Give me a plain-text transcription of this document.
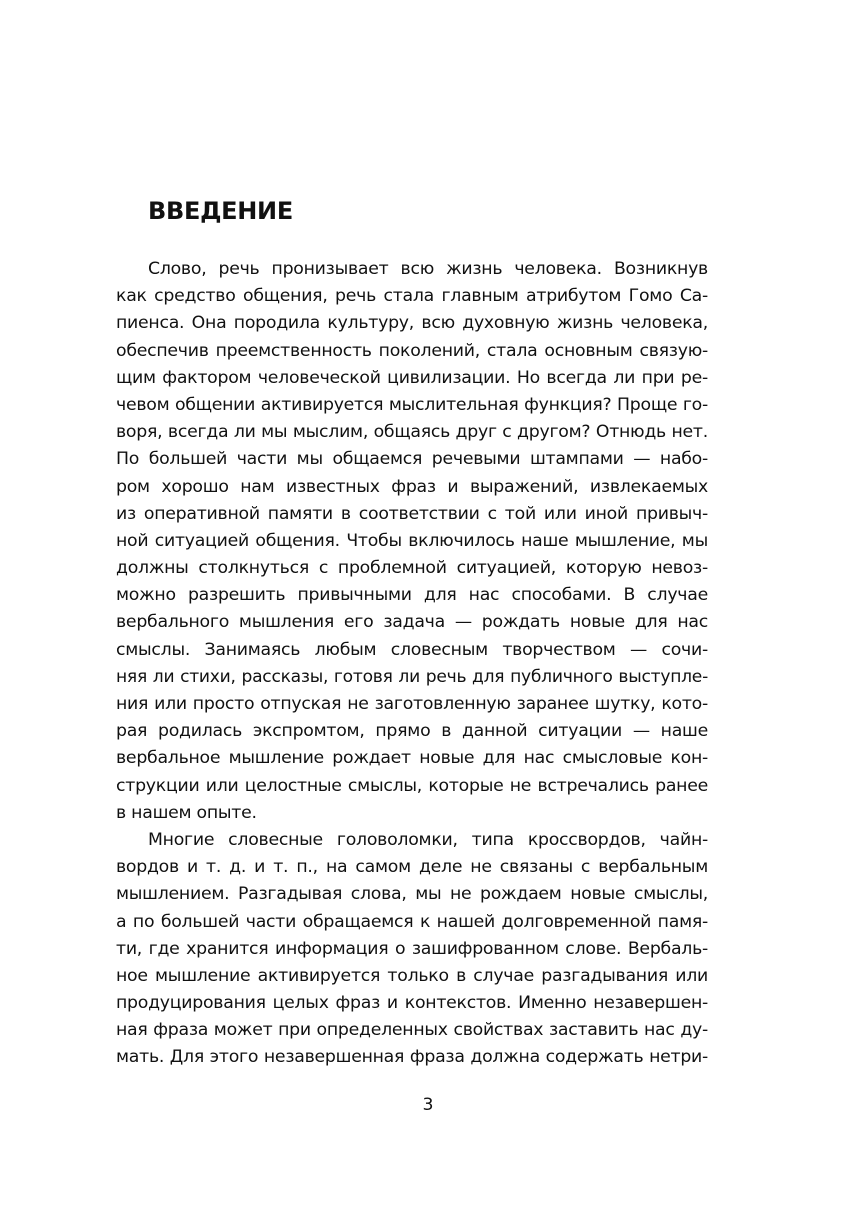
ВВЕДЕНИЕ
Слово, речь пронизывает всю жизнь человека. Возникнув
как средство общения, речь стала главным атрибутом Гомо Са-
пиенса. Она породила культуру, всю духовную жизнь человека,
обеспечив преемственность поколений, стала основным связую-
щим фактором человеческой цивилизации. Но всегда ли при ре-
чевом общении активируется мыслительная функция? Проще го-
воря, всегда ли мы мыслим, общаясь друг с другом? Отнюдь нет.
По большей части мы общаемся речевыми штампами — набо-
ром хорошо нам известных фраз и выражений, извлекаемых
из оперативной памяти в соответствии с той или иной привыч-
ной ситуацией общения. Чтобы включилось наше мышление, мы
должны столкнуться с проблемной ситуацией, которую невоз-
можно разрешить привычными для нас способами. В случае
вербального мышления его задача — рождать новые для нас
смыслы. Занимаясь любым словесным творчеством — сочи-
няя ли стихи, рассказы, готовя ли речь для публичного выступле-
ния или просто отпуская не заготовленную заранее шутку, кото-
рая родилась экспромтом, прямо в данной ситуации — наше
вербальное мышление рождает новые для нас смысловые кон-
струкции или целостные смыслы, которые не встречались ранее
в нашем опыте.
Многие словесные головоломки, типа кроссвордов, чайн-
вордов и т. д. и т. п., на самом деле не связаны с вербальным
мышлением. Разгадывая слова, мы не рождаем новые смыслы,
а по большей части обращаемся к нашей долговременной памя-
ти, где хранится информация о зашифрованном слове. Вербаль-
ное мышление активируется только в случае разгадывания или
продуцирования целых фраз и контекстов. Именно незавершен-
ная фраза может при определенных свойствах заставить нас ду-
мать. Для этого незавершенная фраза должна содержать нетри-
3
